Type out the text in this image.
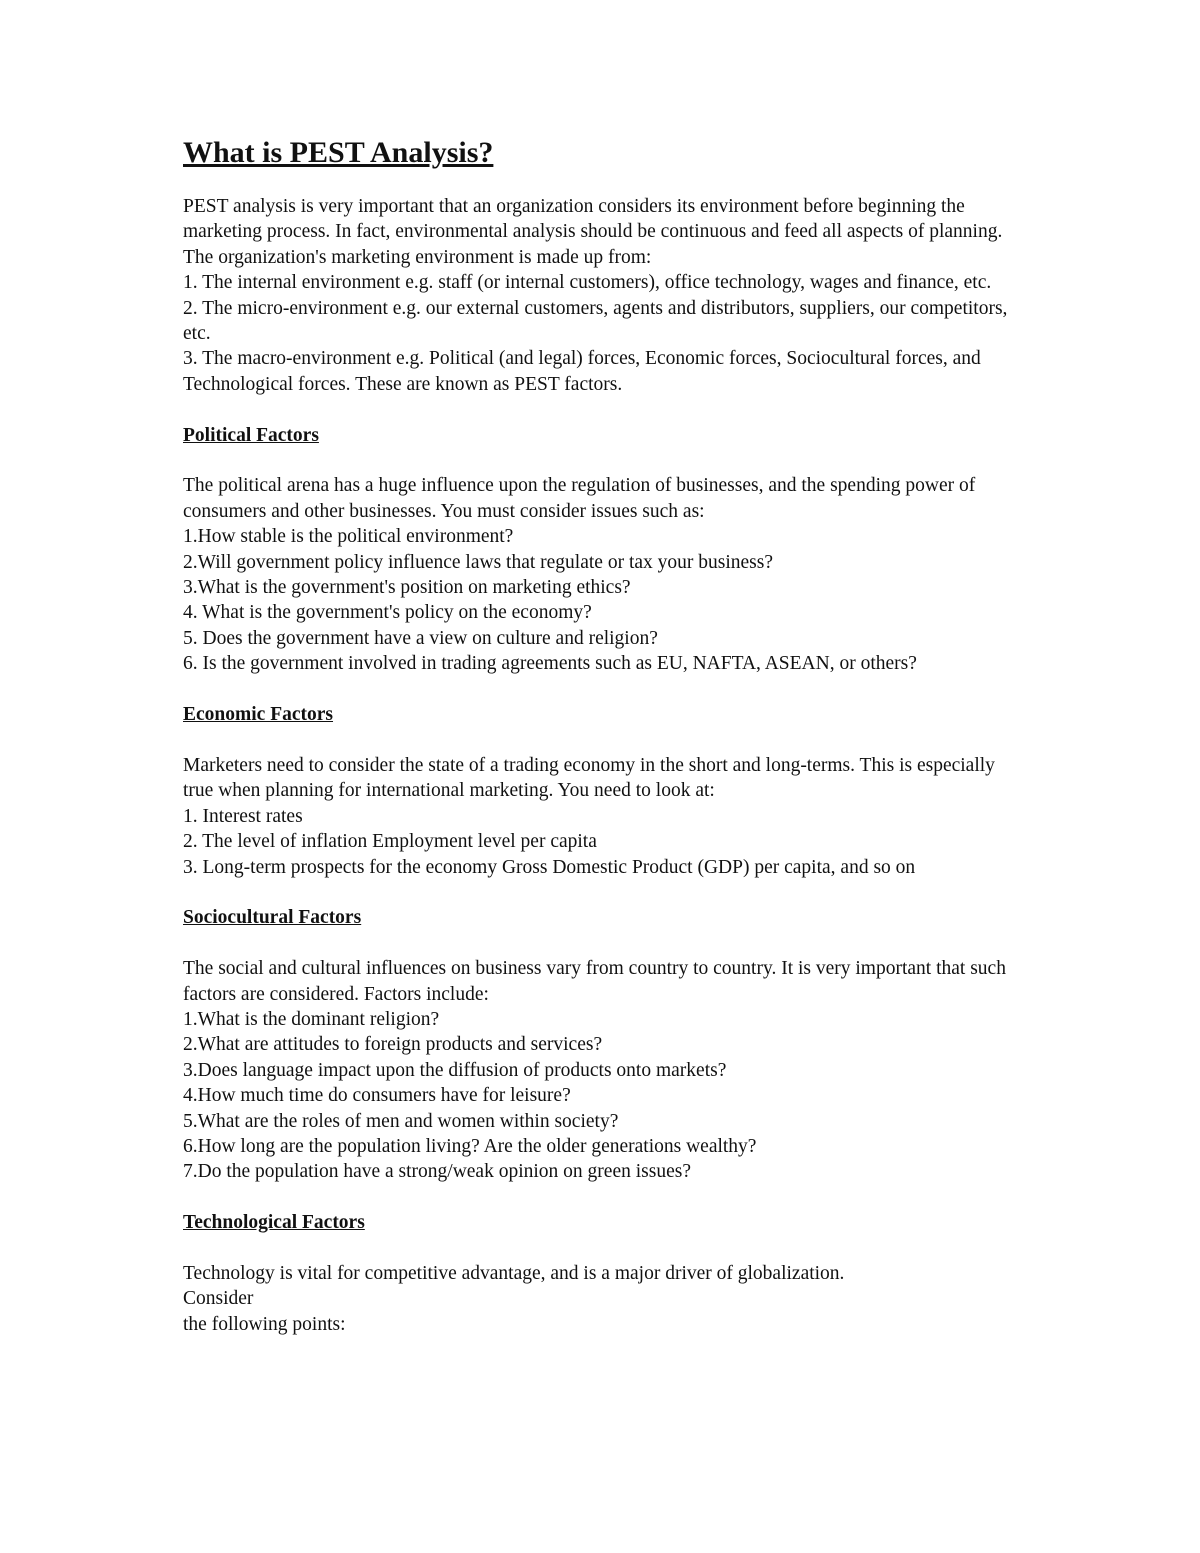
What is PEST Analysis?

PEST analysis is very important that an organization considers its environment before beginning the marketing process. In fact, environmental analysis should be continuous and feed all aspects of planning. The organization's marketing environment is made up from:

1. The internal environment e.g. staff (or internal customers), office technology, wages and finance, etc.

2. The micro-environment e.g. our external customers, agents and distributors, suppliers, our competitors, etc.

3. The macro-environment e.g. Political (and legal) forces, Economic forces, Sociocultural forces, and Technological forces. These are known as PEST factors.

Political Factors

The political arena has a huge influence upon the regulation of businesses, and the spending power of consumers and other businesses. You must consider issues such as:

1.How stable is the political environment?

2.Will government policy influence laws that regulate or tax your business?

3.What is the government's position on marketing ethics?

4. What is the government's policy on the economy?

5. Does the government have a view on culture and religion?

6. Is the government involved in trading agreements such as EU, NAFTA, ASEAN, or others?

Economic Factors

Marketers need to consider the state of a trading economy in the short and long-terms. This is especially true when planning for international marketing. You need to look at:

1. Interest rates

2. The level of inflation Employment level per capita

3. Long-term prospects for the economy Gross Domestic Product (GDP) per capita, and so on

Sociocultural Factors

The social and cultural influences on business vary from country to country. It is very important that such factors are considered. Factors include:

1.What is the dominant religion?

2.What are attitudes to foreign products and services?

3.Does language impact upon the diffusion of products onto markets?

4.How much time do consumers have for leisure?

5.What are the roles of men and women within society?

6.How long are the population living? Are the older generations wealthy?

7.Do the population have a strong/weak opinion on green issues?

Technological Factors

Technology is vital for competitive advantage, and is a major driver of globalization.

Consider

the following points:
